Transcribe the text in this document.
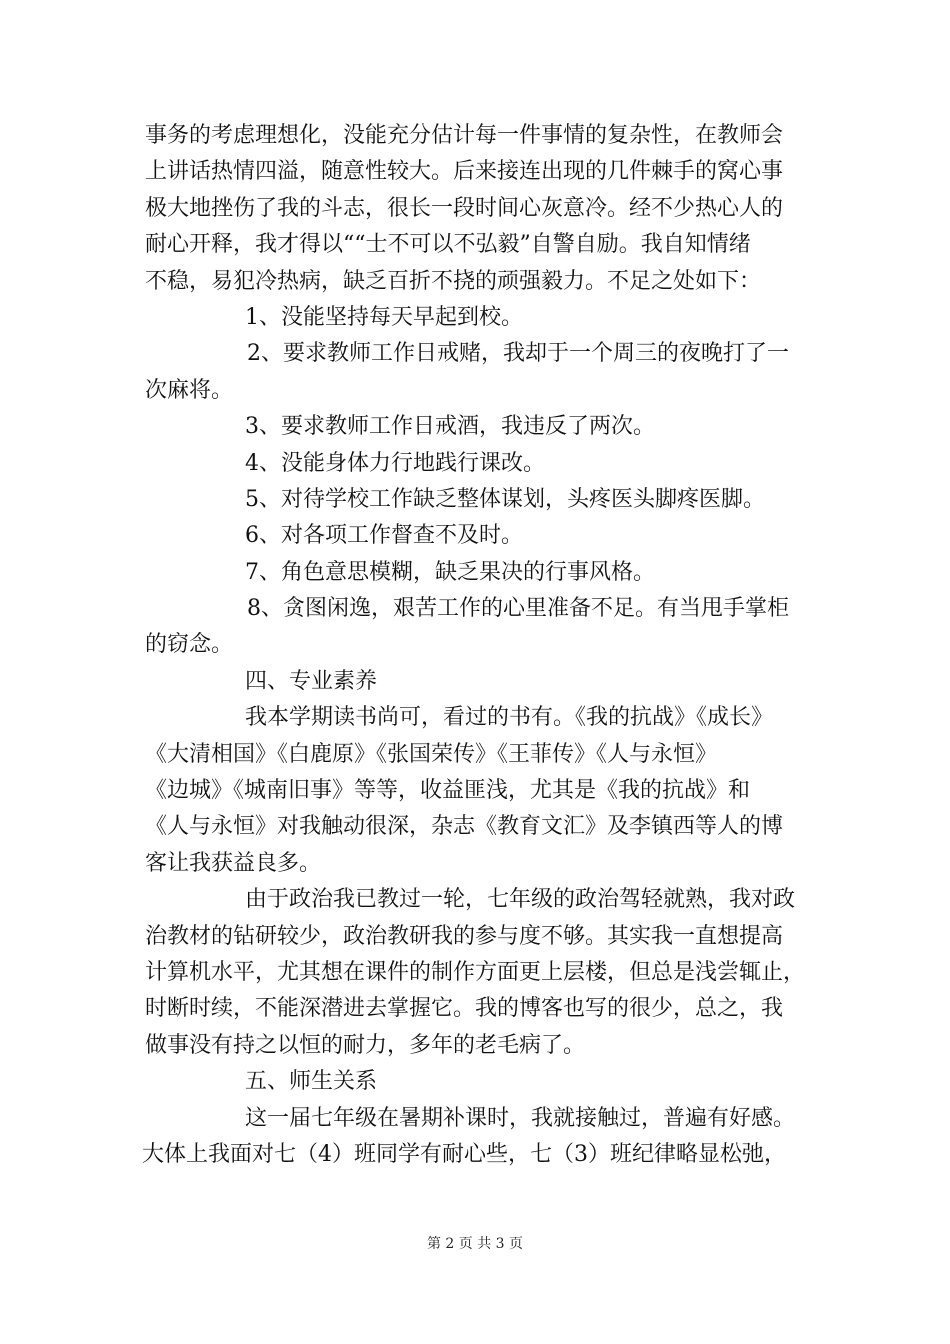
事务的考虑理想化，没能充分估计每一件事情的复杂性，在教师会
上讲话热情四溢，随意性较大。后来接连出现的几件棘手的窝心事
极大地挫伤了我的斗志，很长一段时间心灰意冷。经不少热心人的
耐心开释，我才得以““士不可以不弘毅”自警自励。我自知情绪
不稳，易犯冷热病，缺乏百折不挠的顽强毅力。不足之处如下：
1、没能坚持每天早起到校。
2、要求教师工作日戒赌，我却于一个周三的夜晚打了一
次麻将。
3、要求教师工作日戒酒，我违反了两次。
4、没能身体力行地践行课改。
5、对待学校工作缺乏整体谋划，头疼医头脚疼医脚。
6、对各项工作督查不及时。
7、角色意思模糊，缺乏果决的行事风格。
8、贪图闲逸，艰苦工作的心里准备不足。有当甩手掌柜
的窃念。
四、专业素养
我本学期读书尚可，看过的书有。《我的抗战》《成长》
《大清相国》《白鹿原》《张国荣传》《王菲传》《人与永恒》
《边城》《城南旧事》等等，收益匪浅，尤其是《我的抗战》和
《人与永恒》对我触动很深，杂志《教育文汇》及李镇西等人的博
客让我获益良多。
由于政治我已教过一轮，七年级的政治驾轻就熟，我对政
治教材的钻研较少，政治教研我的参与度不够。其实我一直想提高
计算机水平，尤其想在课件的制作方面更上层楼，但总是浅尝辄止，
时断时续，不能深潜进去掌握它。我的博客也写的很少，总之，我
做事没有持之以恒的耐力，多年的老毛病了。
五、师生关系
这一届七年级在暑期补课时，我就接触过，普遍有好感。
大体上我面对七（4）班同学有耐心些，七（3）班纪律略显松弛，
第 2 页 共 3 页
